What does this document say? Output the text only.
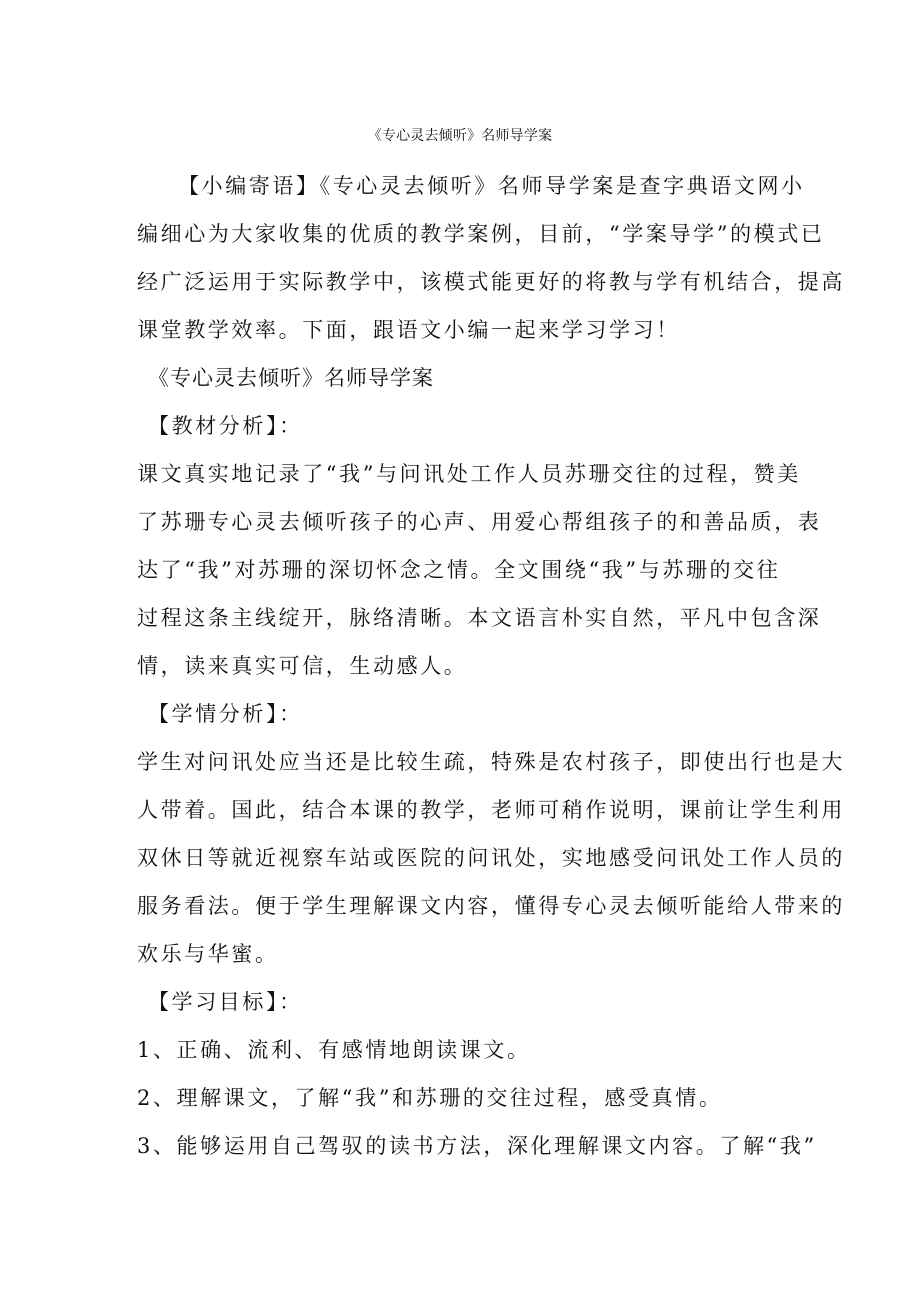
《专心灵去倾听》名师导学案
【小编寄语】《专心灵去倾听》名师导学案是查字典语文网小
编细心为大家收集的优质的教学案例，目前，“学案导学”的模式已
经广泛运用于实际教学中，该模式能更好的将教与学有机结合，提高
课堂教学效率。下面，跟语文小编一起来学习学习！
《专心灵去倾听》名师导学案
【教材分析】：
课文真实地记录了“我”与问讯处工作人员苏珊交往的过程，赞美
了苏珊专心灵去倾听孩子的心声、用爱心帮组孩子的和善品质，表
达了“我”对苏珊的深切怀念之情。全文围绕“我”与苏珊的交往
过程这条主线绽开，脉络清晰。本文语言朴实自然，平凡中包含深
情，读来真实可信，生动感人。
【学情分析】：
学生对问讯处应当还是比较生疏，特殊是农村孩子，即使出行也是大
人带着。国此，结合本课的教学，老师可稍作说明，课前让学生利用
双休日等就近视察车站或医院的问讯处，实地感受问讯处工作人员的
服务看法。便于学生理解课文内容，懂得专心灵去倾听能给人带来的
欢乐与华蜜。
【学习目标】：
1、正确、流利、有感情地朗读课文。
2、理解课文，了解“我”和苏珊的交往过程，感受真情。
3、能够运用自己驾驭的读书方法，深化理解课文内容。了解“我”
